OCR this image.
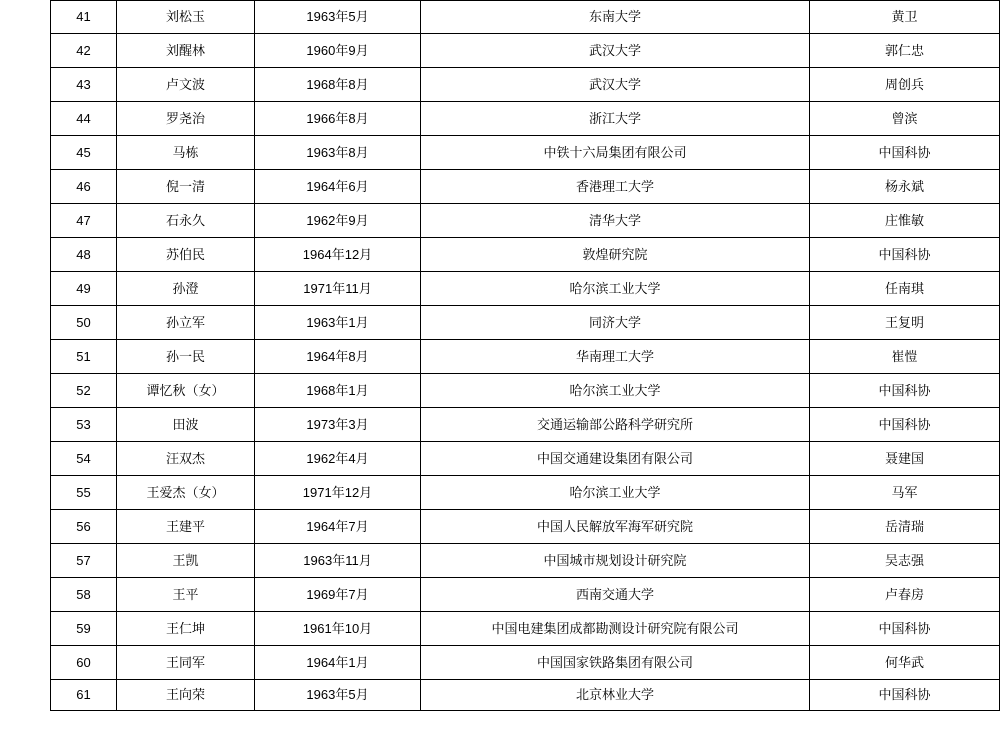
41	刘松玉	1963年5月	东南大学	黄卫
42	刘醒林	1960年9月	武汉大学	郭仁忠
43	卢文波	1968年8月	武汉大学	周创兵
44	罗尧治	1966年8月	浙江大学	曾滨
45	马栋	1963年8月	中铁十六局集团有限公司	中国科协
46	倪一清	1964年6月	香港理工大学	杨永斌
47	石永久	1962年9月	清华大学	庄惟敏
48	苏伯民	1964年12月	敦煌研究院	中国科协
49	孙澄	1971年11月	哈尔滨工业大学	任南琪
50	孙立军	1963年1月	同济大学	王复明
51	孙一民	1964年8月	华南理工大学	崔愷
52	谭忆秋（女）	1968年1月	哈尔滨工业大学	中国科协
53	田波	1973年3月	交通运输部公路科学研究所	中国科协
54	汪双杰	1962年4月	中国交通建设集团有限公司	聂建国
55	王爱杰（女）	1971年12月	哈尔滨工业大学	马军
56	王建平	1964年7月	中国人民解放军海军研究院	岳清瑞
57	王凯	1963年11月	中国城市规划设计研究院	吴志强
58	王平	1969年7月	西南交通大学	卢春房
59	王仁坤	1961年10月	中国电建集团成都勘测设计研究院有限公司	中国科协
60	王同军	1964年1月	中国国家铁路集团有限公司	何华武
61	王向荣	1963年5月	北京林业大学	中国科协
